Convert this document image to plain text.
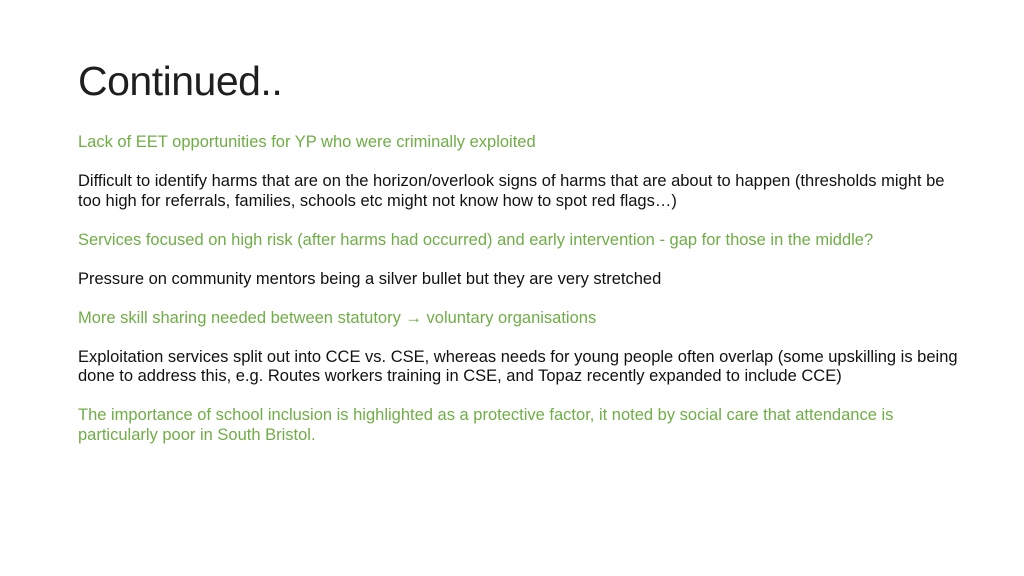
Continued..

Lack of EET opportunities for YP who were criminally exploited

Difficult to identify harms that are on the horizon/overlook signs of harms that are about to happen (thresholds might be too high for referrals, families, schools etc might not know how to spot red flags…)

Services focused on high risk (after harms had occurred) and early intervention - gap for those in the middle?

Pressure on community mentors being a silver bullet but they are very stretched

More skill sharing needed between statutory → voluntary organisations

Exploitation services split out into CCE vs. CSE, whereas needs for young people often overlap (some upskilling is being done to address this, e.g. Routes workers training in CSE, and Topaz recently expanded to include CCE)

The importance of school inclusion is highlighted as a protective factor, it noted by social care that attendance is particularly poor in South Bristol.
